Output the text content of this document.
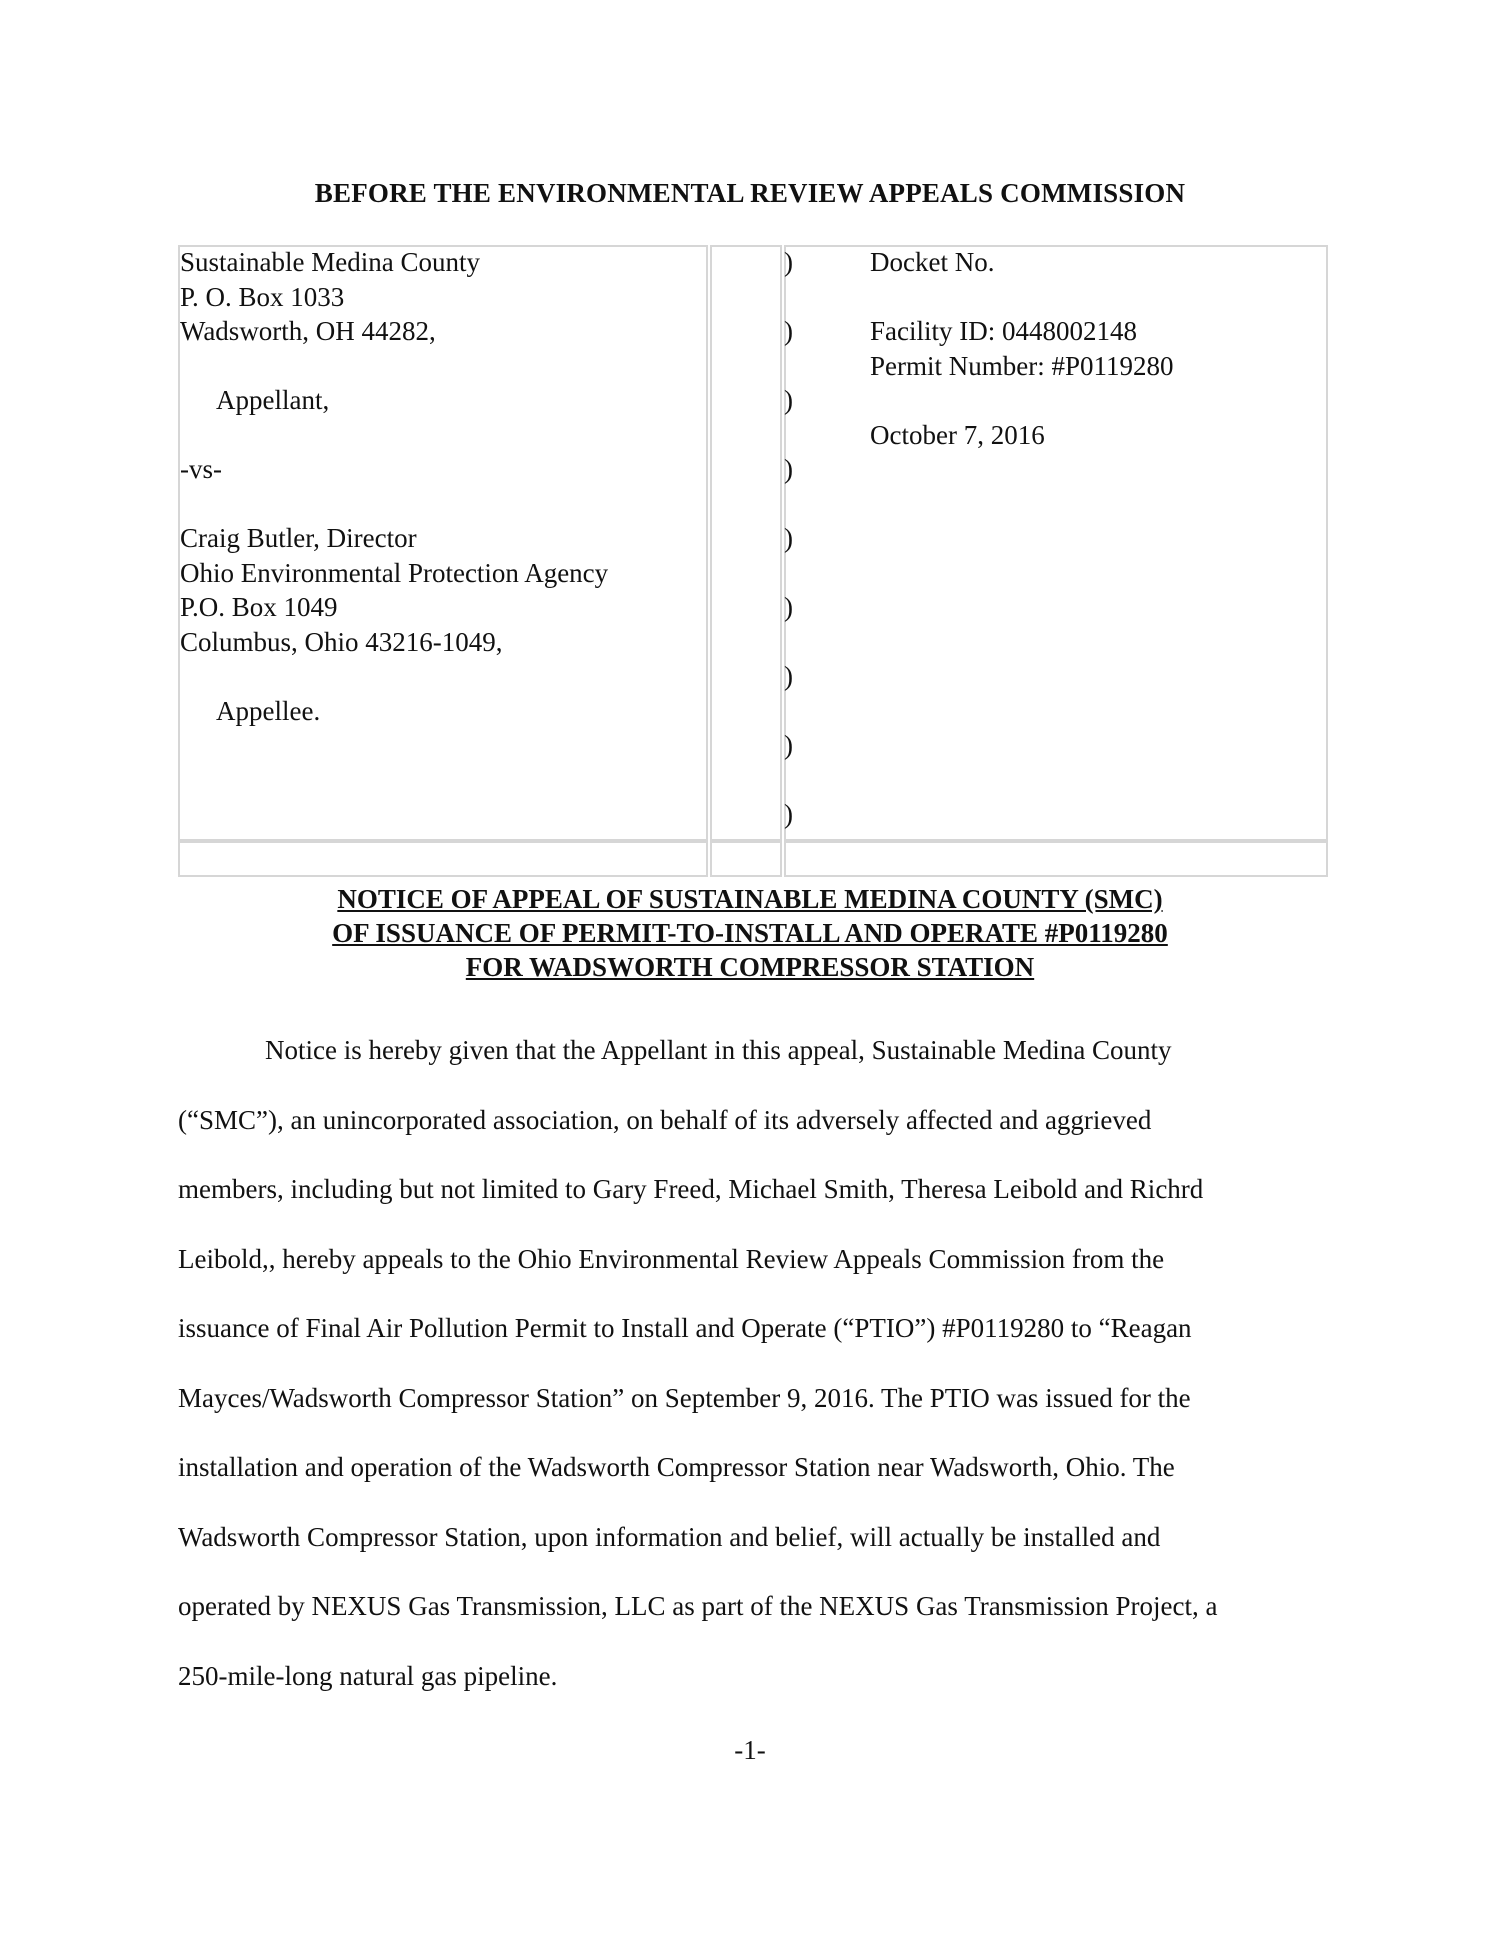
BEFORE THE ENVIRONMENTAL REVIEW APPEALS COMMISSION
Sustainable Medina County
P. O. Box 1033
Wadsworth, OH 44282,
Appellant,
-vs-
Craig Butler, Director
Ohio Environmental Protection Agency
P.O. Box 1049
Columbus, Ohio 43216-1049,
Appellee.
)
)
)
)
)
)
)
)
)
Docket No.
Facility ID: 0448002148
Permit Number: #P0119280
October 7, 2016
NOTICE OF APPEAL OF SUSTAINABLE MEDINA COUNTY (SMC)
OF ISSUANCE OF PERMIT-TO-INSTALL AND OPERATE #P0119280
FOR WADSWORTH COMPRESSOR STATION
Notice is hereby given that the Appellant in this appeal, Sustainable Medina County
(“SMC”), an unincorporated association, on behalf of its adversely affected and aggrieved
members, including but not limited to Gary Freed, Michael Smith, Theresa Leibold and Richrd
Leibold,, hereby appeals to the Ohio Environmental Review Appeals Commission from the
issuance of Final Air Pollution Permit to Install and Operate (“PTIO”) #P0119280 to “Reagan
Mayces/Wadsworth Compressor Station” on September 9, 2016. The PTIO was issued for the
installation and operation of the Wadsworth Compressor Station near Wadsworth, Ohio. The
Wadsworth Compressor Station, upon information and belief, will actually be installed and
operated by NEXUS Gas Transmission, LLC as part of the NEXUS Gas Transmission Project, a
250-mile-long natural gas pipeline.
-1-
